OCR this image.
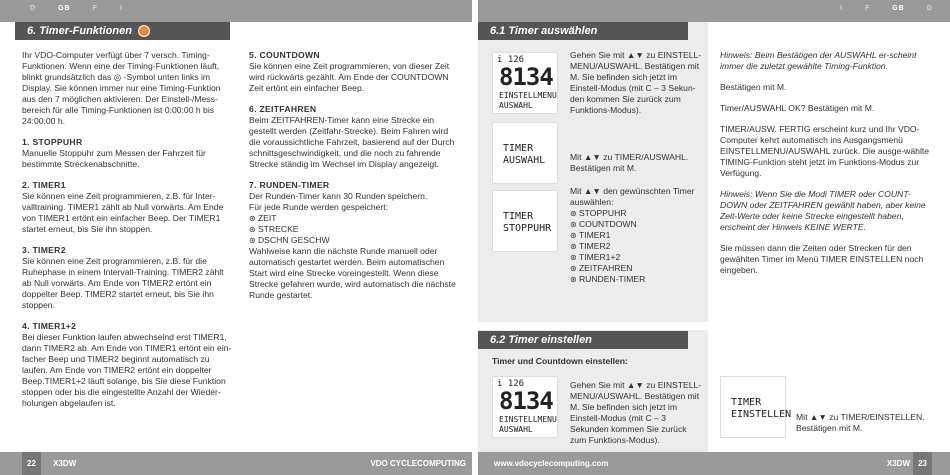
D	GB	F	I	I	F	GB	D
6. Timer-Funktionen

Ihr VDO-Computer verfügt über 7 versch. Timing-Funktionen. Wenn eine der Timing-Funktionen läuft, blinkt grundsätzlich das ◎ -Symbol unten links im Display. Sie können immer nur eine Timing-Funktion aus den 7 möglichen aktivieren. Der Einstell-/Mess-bereich für alle Timing-Funktionen ist 0:00:00 h bis 24:00:00 h.

1. STOPPUHR

Manuelle Stoppuhr zum Messen der Fahrzeit für bestimmte Streckenabschnitte.

2. TIMER1

Sie können eine Zeit programmieren, z.B. für Inter-valltraining. TIMER1 zählt ab Null vorwärts. Am Ende von TIMER1 ertönt ein einfacher Beep. Der TIMER1 startet erneut, bis Sie ihn stoppen.

3. TIMER2

Sie können eine Zeit programmieren, z.B. für die Ruhephase in einem Intervall-Training. TIMER2 zählt ab Null vorwärts. Am Ende von TIMER2 ertönt ein doppelter Beep. TIMER2 startet erneut, bis Sie ihn stoppen.

4. TIMER1+2

Bei dieser Funktion laufen abwechselnd erst TIMER1, dann TIMER2 ab. Am Ende von TIMER1 ertönt ein ein-facher Beep und TIMER2 beginnt automatisch zu laufen. Am Ende von TIMER2 ertönt ein doppelter Beep.TIMER1+2 läuft solange, bis Sie diese Funktion stoppen oder bis die eingestellte Anzahl der Wieder-holungen abgelaufen ist.

5. COUNTDOWN

Sie können eine Zeit programmieren, von dieser Zeit wird rückwärts gezählt. Am Ende der COUNTDOWN Zeit ertönt ein einfacher Beep.

6. ZEITFAHREN

Beim ZEITFAHREN-Timer kann eine Strecke ein gestellt werden (Zeitfahr-Strecke). Beim Fahren wird die voraussichtliche Fahrzeit, basierend auf der Durch schnittsgeschwindigkeit, und die noch zu fahrende Strecke ständig im Wechsel im Display angezeigt.

7. RUNDEN-TIMER
Der Runden-Timer kann 30 Runden speichern.
Für jede Runde werden gespeichert:
⊛ ZEIT
⊛ STRECKE
⊛ DSCHN GESCHW

Wahlweise kann die nächste Runde manuell oder automatisch gestartet werden. Beim automatischen Start wird eine Strecke voreingestellt. Wenn diese Strecke gefahren wurde, wird automatisch die nächste Runde gestartet.

6.1 Timer auswählen
i 126
8134
EINSTELLMENU
AUSWAHL
TIMER
AUSWAHL
TIMER
STOPPUHR

Gehen Sie mit ▲▼ zu EINSTELL-MENU/AUSWAHL. Bestätigen mit M. Sie befinden sich jetzt im Einstell-Modus (mit C – 3 Sekun-den kommen Sie zurück zum Funktions-Modus).

Mit ▲▼ zu TIMER/AUSWAHL. Bestätigen mit M.

Mit ▲▼ den gewünschten Timer auswählen:
⊛ STOPPUHR
⊛ COUNTDOWN
⊛ TIMER1
⊛ TIMER2
⊛ TIMER1+2
⊛ ZEITFAHREN
⊛ RUNDEN-TIMER

Hinweis: Beim Bestätigen der AUSWAHL er-scheint immer die zuletzt gewählte Timing-Funktion.

Bestätigen mit M.

Timer/AUSWAHL OK? Bestätigen mit M.

TIMER/AUSW. FERTIG erscheint kurz und Ihr VDO-Computer kehrt automatisch ins Ausgangsmenü EINSTELLMENU/AUSWAHL zurück. Die ausge-wählte TIMING-Funktion steht jetzt im Funktions-Modus zur Verfügung.

Hinweis: Wenn Sie die Modi TIMER oder COUNT-DOWN oder ZEITFAHREN gewählt haben, aber keine Zeit-Werte oder keine Strecke eingestellt haben, erscheint der Hinweis KEINE WERTE.

Sie müssen dann die Zeiten oder Strecken für den gewählten Timer im Menü TIMER EINSTELLEN noch eingeben.

6.2 Timer einstellen
Timer und Countdown einstellen:
i 126
8134
EINSTELLMENU
AUSWAHL

Gehen Sie mit ▲▼ zu EINSTELL-MENU/AUSWAHL. Bestätigen mit M. Sie befinden sich jetzt im Einstell-Modus (mit C – 3 Sekunden kommen Sie zurück zum Funktions-Modus).

TIMER
EINSTELLEN Mit ▲▼ zu TIMER/EINSTELLEN. Bestätigen mit M.

22 X3DW	VDO CYCLECOMPUTING	www.vdocyclecomputing.com	X3DW	23
